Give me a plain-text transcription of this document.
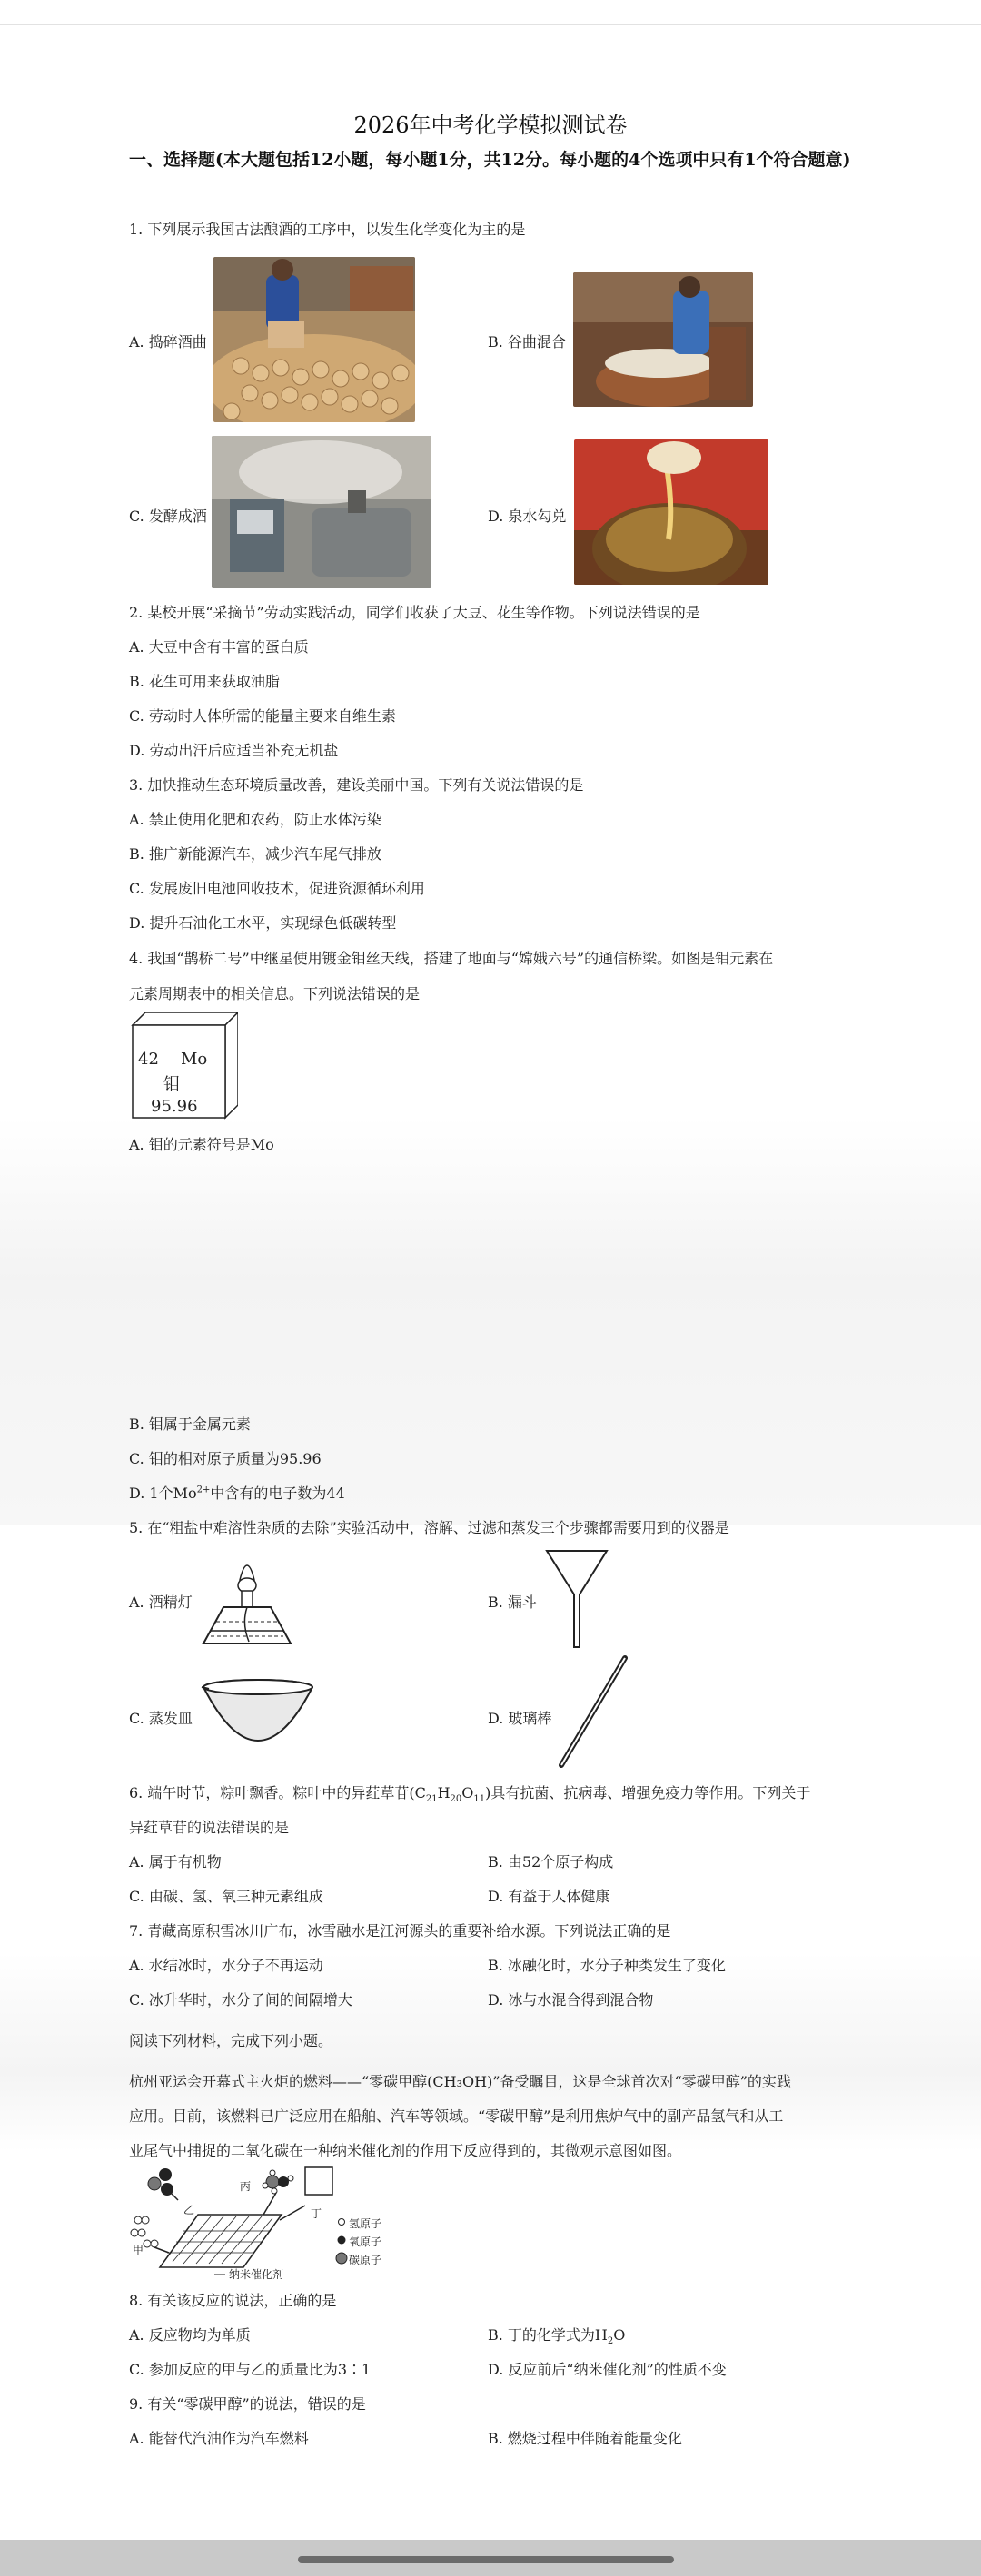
2026年中考化学模拟测试卷
一、选择题(本大题包括12小题，每小题1分，共12分。每小题的4个选项中只有1个符合题意)
1. 下列展示我国古法酿酒的工序中，以发生化学变化为主的是
A. 捣碎酒曲	B. 谷曲混合
C. 发酵成酒	D. 泉水勾兑
2. 某校开展“采摘节”劳动实践活动，同学们收获了大豆、花生等作物。下列说法错误的是
A. 大豆中含有丰富的蛋白质
B. 花生可用来获取油脂
C. 劳动时人体所需的能量主要来自维生素
D. 劳动出汗后应适当补充无机盐
3. 加快推动生态环境质量改善，建设美丽中国。下列有关说法错误的是
A. 禁止使用化肥和农药，防止水体污染
B. 推广新能源汽车，减少汽车尾气排放
C. 发展废旧电池回收技术，促进资源循环利用
D. 提升石油化工水平，实现绿色低碳转型
4. 我国“鹊桥二号”中继星使用镀金钼丝天线，搭建了地面与“嫦娥六号”的通信桥梁。如图是钼元素在
元素周期表中的相关信息。下列说法错误的是
42 Mo
钼
95.96
A. 钼的元素符号是Mo
B. 钼属于金属元素
C. 钼的相对原子质量为95.96
D. 1个$Mo^{2+}$中含有的电子数为44
5. 在“粗盐中难溶性杂质的去除”实验活动中，溶解、过滤和蒸发三个步骤都需要用到的仪器是
A. 酒精灯	B. 漏斗
C. 蒸发皿	D. 玻璃棒
6. 端午时节，粽叶飘香。粽叶中的异荭草苷$(C_{21}H_{20}O_{11})$具有抗菌、抗病毒、增强免疫力等作用。下列关于
异荭草苷的说法错误的是
A. 属于有机物	B. 由52个原子构成
C. 由碳、氢、氧三种元素组成	D. 有益于人体健康
7. 青藏高原积雪冰川广布，冰雪融水是江河源头的重要补给水源。下列说法正确的是
A. 水结冰时，水分子不再运动	B. 冰融化时，水分子种类发生了变化
C. 冰升华时，水分子间的间隔增大	D. 冰与水混合得到混合物
阅读下列材料，完成下列小题。
杭州亚运会开幕式主火炬的燃料——“零碳甲醇(CH₃OH)”备受瞩目，这是全球首次对“零碳甲醇”的实践
应用。目前，该燃料已广泛应用在船舶、汽车等领域。“零碳甲醇”是利用焦炉气中的副产品氢气和从工
业尾气中捕捉的二氧化碳在一种纳米催化剂的作用下反应得到的，其微观示意图如图。
乙
甲
丙
丁
纳米催化剂
氢原子
氧原子
碳原子
8. 有关该反应的说法，正确的是
A. 反应物均为单质	B. 丁的化学式为$H_2O$
C. 参加反应的甲与乙的质量比为3∶1	D. 反应前后“纳米催化剂”的性质不变
9. 有关“零碳甲醇”的说法，错误的是
A. 能替代汽油作为汽车燃料	B. 燃烧过程中伴随着能量变化
